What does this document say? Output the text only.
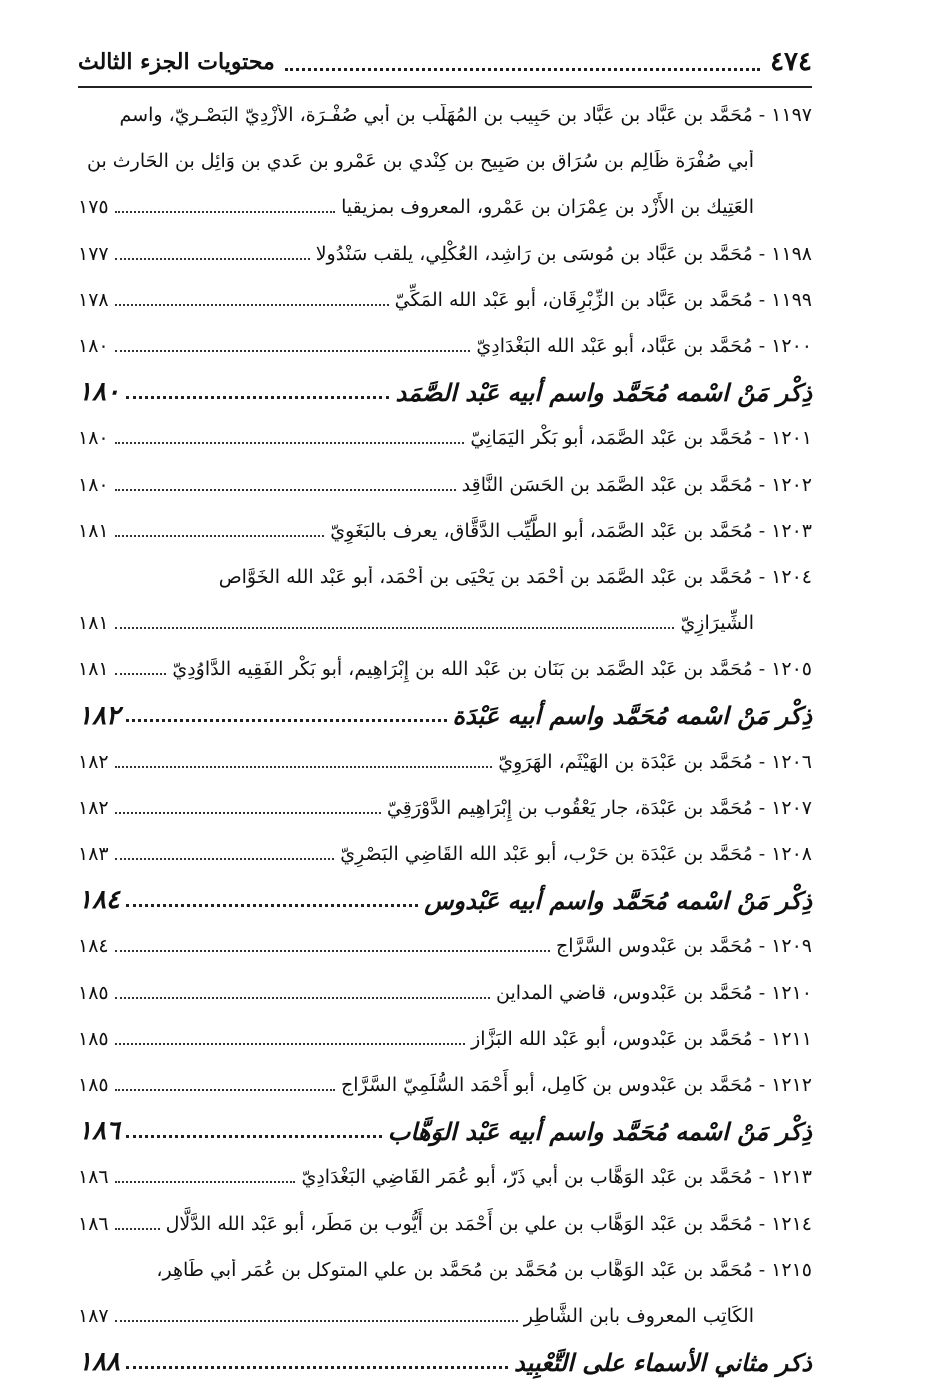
٤٧٤
محتويات الجزء الثالث
١١٩٧
-
مُحَمَّد بن عَبَّاد بن عَبَّاد بن حَبِيب بن المُهَلَّب بن أبي صُفْـرَة، الأَزْدِيّ البَصْـرِيّ، واسم
أبي صُفْرَة ظَالِم بن سُرَاق بن صَبِيح بن كِنْدي بن عَمْرو بن عَدي بن وَائِل بن الحَارِث بن
العَتِيك بن الأَزْد بن عِمْرَان بن عَمْرو، المعروف بمزيقيا
١٧٥
١١٩٨
-
مُحَمَّد بن عَبَّاد بن مُوسَى بن رَاشِد، العُكْلِي، يلقب سَنْدُولا
١٧٧
١١٩٩
-
مُحَمَّد بن عَبَّاد بن الزِّبْرِقَان، أبو عَبْد الله المَكِّيّ
١٧٨
١٢٠٠
-
مُحَمَّد بن عَبَّاد، أبو عَبْد الله البَغْدَادِيّ
١٨٠
ذِكْر مَنْ اسْمه مُحَمَّد واسم أبيه عَبْد الصَّمَد
١٨٠
١٢٠١
-
مُحَمَّد بن عَبْد الصَّمَد، أبو بَكْر اليَمَانِيّ
١٨٠
١٢٠٢
-
مُحَمَّد بن عَبْد الصَّمَد بن الحَسَن النَّاقِد
١٨٠
١٢٠٣
-
مُحَمَّد بن عَبْد الصَّمَد، أبو الطَّيِّب الدَّقَّاق، يعرف بالبَغَوِيّ
١٨١
١٢٠٤
-
مُحَمَّد بن عَبْد الصَّمَد بن أَحْمَد بن يَحْيَى بن أَحْمَد، أبو عَبْد الله الخَوَّاص
الشِّيرَازِيّ
١٨١
١٢٠٥
-
مُحَمَّد بن عَبْد الصَّمَد بن بَنَان بن عَبْد الله بن إِبْرَاهِيم، أبو بَكْر الفَقِيه الدَّاوُدِيّ
١٨١
ذِكْر مَنْ اسْمه مُحَمَّد واسم أبيه عَبْدَة
١٨٢
١٢٠٦
-
مُحَمَّد بن عَبْدَة بن الهَيْثَم، الهَرَوِيّ
١٨٢
١٢٠٧
-
مُحَمَّد بن عَبْدَة، جار يَعْقُوب بن إِبْرَاهِيم الدَّوْرَقِيّ
١٨٢
١٢٠٨
-
مُحَمَّد بن عَبْدَة بن حَرْب، أبو عَبْد الله القَاضِي البَصْرِيّ
١٨٣
ذِكْر مَنْ اسْمه مُحَمَّد واسم أبيه عَبْدوس
١٨٤
١٢٠٩
-
مُحَمَّد بن عَبْدوس السَّرَّاج
١٨٤
١٢١٠
-
مُحَمَّد بن عَبْدوس، قاضي المداين
١٨٥
١٢١١
-
مُحَمَّد بن عَبْدوس، أبو عَبْد الله البَزَّاز
١٨٥
١٢١٢
-
مُحَمَّد بن عَبْدوس بن كَامِل، أبو أَحْمَد السُّلَمِيّ السَّرَّاج
١٨٥
ذِكْر مَنْ اسْمه مُحَمَّد واسم أبيه عَبْد الوَهَّاب
١٨٦
١٢١٣
-
مُحَمَّد بن عَبْد الوَهَّاب بن أبي ذَرّ، أبو عُمَر القَاضِي البَغْدَادِيّ
١٨٦
١٢١٤
-
مُحَمَّد بن عَبْد الوَهَّاب بن علي بن أَحْمَد بن أَيُّوب بن مَطَر، أبو عَبْد الله الدَّلَّال
١٨٦
١٢١٥
-
مُحَمَّد بن عَبْد الوَهَّاب بن مُحَمَّد بن مُحَمَّد بن علي المتوكل بن عُمَر أبي طَاهِر،
الكَاتِب المعروف بابن الشَّاطِر
١٨٧
ذكر مثاني الأسماء على التَّعْبِيد
١٨٨
